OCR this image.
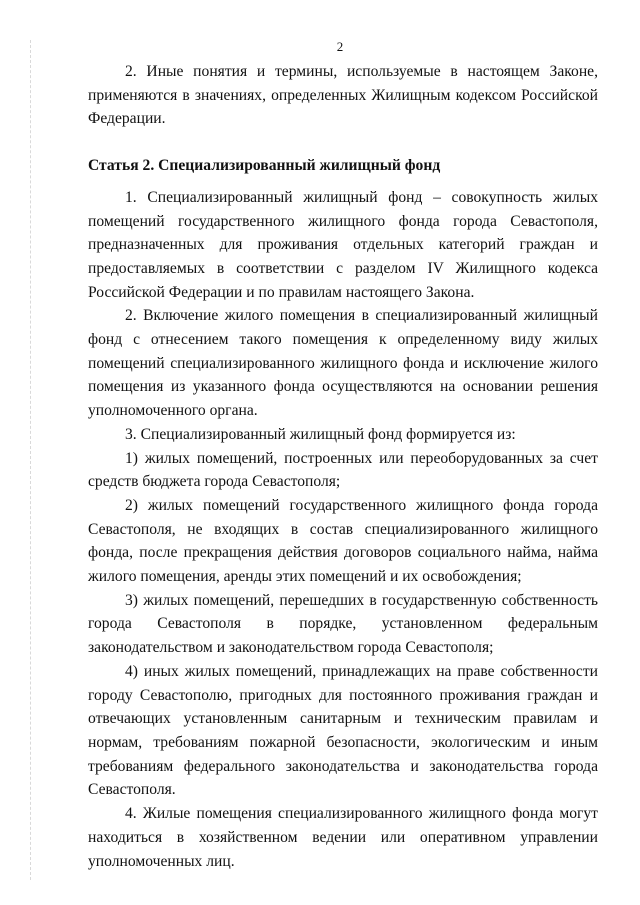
2

2. Иные понятия и термины, используемые в настоящем Законе, применяются в значениях, определенных Жилищным кодексом Российской Федерации.

Статья 2. Специализированный жилищный фонд

1. Специализированный жилищный фонд – совокупность жилых помещений государственного жилищного фонда города Севастополя, предназначенных для проживания отдельных категорий граждан и предоставляемых в соответствии с разделом IV Жилищного кодекса Российской Федерации и по правилам настоящего Закона.

2. Включение жилого помещения в специализированный жилищный фонд с отнесением такого помещения к определенному виду жилых помещений специализированного жилищного фонда и исключение жилого помещения из указанного фонда осуществляются на основании решения уполномоченного органа.

3. Специализированный жилищный фонд формируется из:

1) жилых помещений, построенных или переоборудованных за счет средств бюджета города Севастополя;

2) жилых помещений государственного жилищного фонда города Севастополя, не входящих в состав специализированного жилищного фонда, после прекращения действия договоров социального найма, найма жилого помещения, аренды этих помещений и их освобождения;

3) жилых помещений, перешедших в государственную собственность города Севастополя в порядке, установленном федеральным законодательством и законодательством города Севастополя;

4) иных жилых помещений, принадлежащих на праве собственности городу Севастополю, пригодных для постоянного проживания граждан и отвечающих установленным санитарным и техническим правилам и нормам, требованиям пожарной безопасности, экологическим и иным требованиям федерального законодательства и законодательства города Севастополя.

4. Жилые помещения специализированного жилищного фонда могут находиться в хозяйственном ведении или оперативном управлении уполномоченных лиц.
